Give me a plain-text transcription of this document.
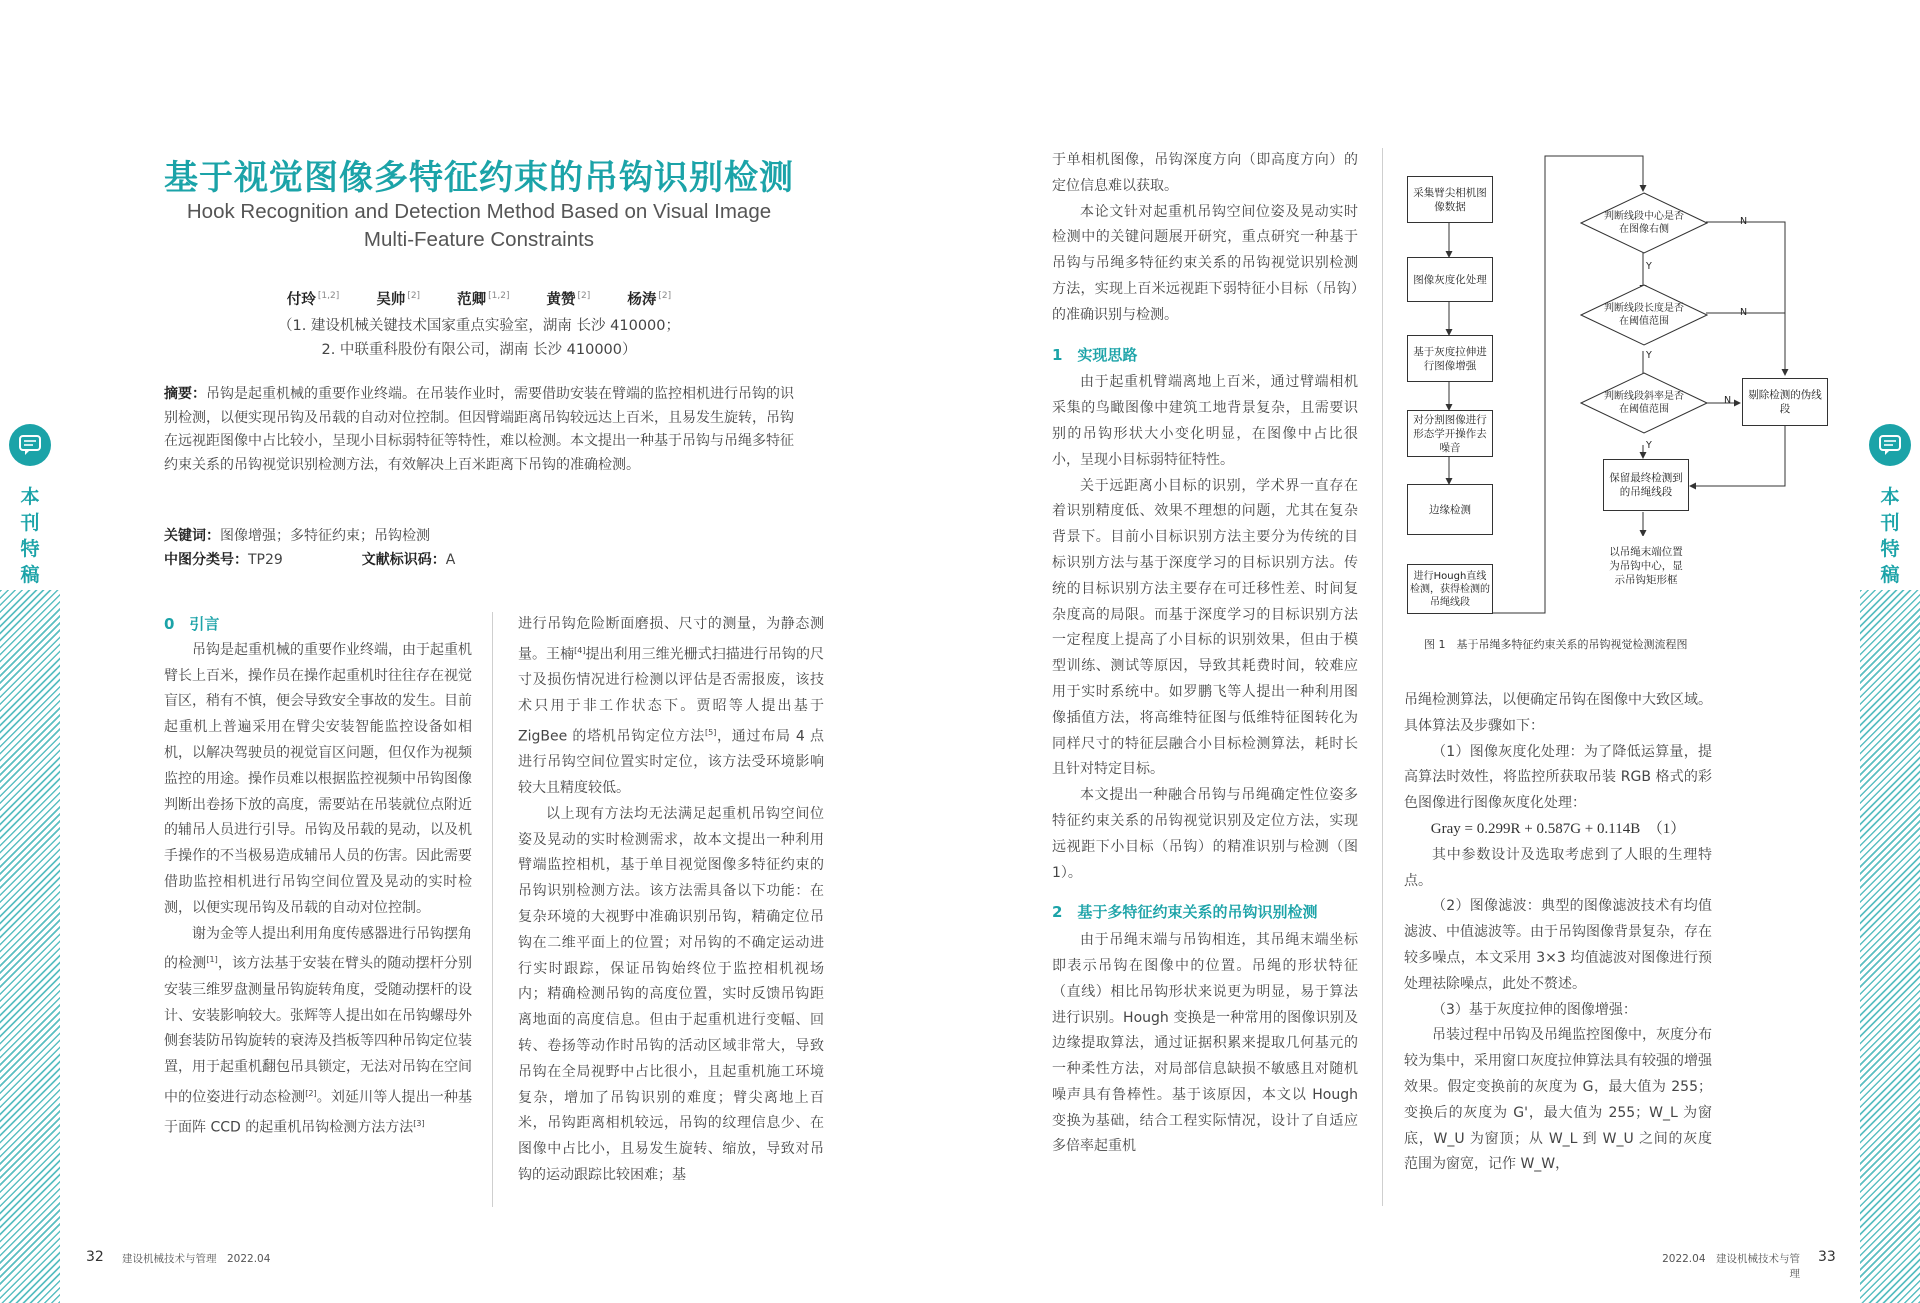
本
刊
特
稿
本
刊
特
稿
基于视觉图像多特征约束的吊钩识别检测
Hook Recognition and Detection Method Based on Visual Image
Multi-Feature Constraints
付玲 [1,2]	吴帅 [2]	范卿 [1,2]	黄赞 [2]	杨涛 [2]
（1. 建设机械关键技术国家重点实验室，湖南 长沙 410000；
2. 中联重科股份有限公司，湖南 长沙 410000）
摘要：吊钩是起重机械的重要作业终端。在吊装作业时，需要借助安装在臂端的监控相机进行吊钩的识别检测，以便实现吊钩及吊载的自动对位控制。但因臂端距离吊钩较远达上百米，且易发生旋转，吊钩在远视距图像中占比较小，呈现小目标弱特征等特性，难以检测。本文提出一种基于吊钩与吊绳多特征约束关系的吊钩视觉识别检测方法，有效解决上百米距离下吊钩的准确检测。
关键词：图像增强；多特征约束；吊钩检测
中图分类号：TP29	文献标识码：A

0　引言

吊钩是起重机械的重要作业终端，由于起重机臂长上百米，操作员在操作起重机时往往存在视觉盲区，稍有不慎，便会导致安全事故的发生。目前起重机上普遍采用在臂尖安装智能监控设备如相机，以解决驾驶员的视觉盲区问题，但仅作为视频监控的用途。操作员难以根据监控视频中吊钩图像判断出卷扬下放的高度，需要站在吊装就位点附近的辅吊人员进行引导。吊钩及吊载的晃动，以及机手操作的不当极易造成辅吊人员的伤害。因此需要借助监控相机进行吊钩空间位置及晃动的实时检测，以便实现吊钩及吊载的自动对位控制。

谢为金等人提出利用角度传感器进行吊钩摆角的检测[1]，该方法基于安装在臂头的随动摆杆分别安装三维罗盘测量吊钩旋转角度，受随动摆杆的设计、安装影响较大。张辉等人提出如在吊钩螺母外侧套装防吊钩旋转的衰涛及挡板等四种吊钩定位装置，用于起重机翻包吊具锁定，无法对吊钩在空间中的位姿进行动态检测[2]。刘延川等人提出一种基于面阵 CCD 的起重机吊钩检测方法方法[3]

进行吊钩危险断面磨损、尺寸的测量，为静态测量。王楠[4]提出利用三维光栅式扫描进行吊钩的尺寸及损伤情况进行检测以评估是否需报废，该技术只用于非工作状态下。贾昭等人提出基于 ZigBee 的塔机吊钩定位方法[5]，通过布局 4 点进行吊钩空间位置实时定位，该方法受环境影响较大且精度较低。

以上现有方法均无法满足起重机吊钩空间位姿及晃动的实时检测需求，故本文提出一种利用臂端监控相机，基于单目视觉图像多特征约束的吊钩识别检测方法。该方法需具备以下功能：在复杂环境的大视野中准确识别吊钩，精确定位吊钩在二维平面上的位置；对吊钩的不确定运动进行实时跟踪，保证吊钩始终位于监控相机视场内；精确检测吊钩的高度位置，实时反馈吊钩距离地面的高度信息。但由于起重机进行变幅、回转、卷扬等动作时吊钩的活动区域非常大，导致吊钩在全局视野中占比很小，且起重机施工环境复杂，增加了吊钩识别的难度；臂尖离地上百米，吊钩距离相机较远，吊钩的纹理信息少、在图像中占比小，且易发生旋转、缩放，导致对吊钩的运动跟踪比较困难；基

于单相机图像，吊钩深度方向（即高度方向）的定位信息难以获取。

本论文针对起重机吊钩空间位姿及晃动实时检测中的关键问题展开研究，重点研究一种基于吊钩与吊绳多特征约束关系的吊钩视觉识别检测方法，实现上百米远视距下弱特征小目标（吊钩）的准确识别与检测。

1　实现思路

由于起重机臂端离地上百米，通过臂端相机采集的鸟瞰图像中建筑工地背景复杂，且需要识别的吊钩形状大小变化明显，在图像中占比很小，呈现小目标弱特征特性。

关于远距离小目标的识别，学术界一直存在着识别精度低、效果不理想的问题，尤其在复杂背景下。目前小目标识别方法主要分为传统的目标识别方法与基于深度学习的目标识别方法。传统的目标识别方法主要存在可迁移性差、时间复杂度高的局限。而基于深度学习的目标识别方法一定程度上提高了小目标的识别效果，但由于模型训练、测试等原因，导致其耗费时间，较难应用于实时系统中。如罗鹏飞等人提出一种利用图像插值方法，将高维特征图与低维特征图转化为同样尺寸的特征层融合小目标检测算法，耗时长且针对特定目标。

本文提出一种融合吊钩与吊绳确定性位姿多特征约束关系的吊钩视觉识别及定位方法，实现远视距下小目标（吊钩）的精准识别与检测（图 1）。

2　基于多特征约束关系的吊钩识别检测

由于吊绳末端与吊钩相连，其吊绳末端坐标即表示吊钩在图像中的位置。吊绳的形状特征（直线）相比吊钩形状来说更为明显，易于算法进行识别。Hough 变换是一种常用的图像识别及边缘提取算法，通过证据积累来提取几何基元的一种柔性方法，对局部信息缺损不敏感且对随机噪声具有鲁棒性。基于该原因，本文以 Hough 变换为基础，结合工程实际情况，设计了自适应多倍率起重机

采集臂尖相机图像数据
图像灰度化处理
基于灰度拉伸进行图像增强
对分割图像进行形态学开操作去噪音
边缘检测
进行Hough直线检测，获得检测的吊绳线段
判断线段中心是否在图像右侧
判断线段长度是否在阈值范围
判断线段斜率是否在阈值范围
剔除检测的伪线段
保留最终检测到的吊绳线段
以吊绳末端位置为吊钩中心，显示吊钩矩形框
N
N
N
Y
Y
Y
图 1　基于吊绳多特征约束关系的吊钩视觉检测流程图

吊绳检测算法，以便确定吊钩在图像中大致区域。具体算法及步骤如下：

（1）图像灰度化处理：为了降低运算量，提高算法时效性，将监控所获取吊装 RGB 格式的彩色图像进行图像灰度化处理：

Gray = 0.299R + 0.587G + 0.114B　（1）

其中参数设计及选取考虑到了人眼的生理特点。

（2）图像滤波：典型的图像滤波技术有均值滤波、中值滤波等。由于吊钩图像背景复杂，存在较多噪点，本文采用 3×3 均值滤波对图像进行预处理祛除噪点，此处不赘述。

（3）基于灰度拉伸的图像增强：

吊装过程中吊钩及吊绳监控图像中，灰度分布较为集中，采用窗口灰度拉伸算法具有较强的增强效果。假定变换前的灰度为 G，最大值为 255；变换后的灰度为 G'，最大值为 255；W_L 为窗底，W_U 为窗顶；从 W_L 到 W_U 之间的灰度范围为窗宽，记作 W_W，

32 建设机械技术与管理　2022.04	2022.04　建设机械技术与管理
33
